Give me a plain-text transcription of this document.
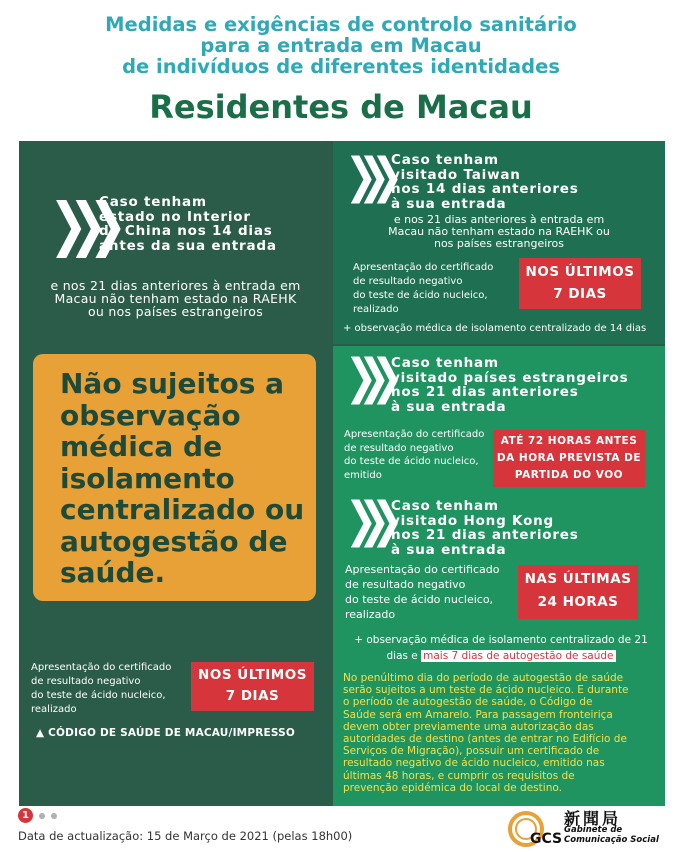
Medidas e exigências de controlo sanitário
para a entrada em Macau
de indivíduos de diferentes identidades
Residentes de Macau
❯❯❯
Caso tenham
estado no Interior
da China nos 14 dias
antes da sua entrada
e nos 21 dias anteriores à entrada em
Macau não tenham estado na RAEHK
ou nos países estrangeiros
Não sujeitos a
observação
médica de
isolamento
centralizado ou
autogestão de
saúde.
Apresentação do certificado
de resultado negativo
do teste de ácido nucleico,
realizado
NOS ÚLTIMOS
7 DIAS
▲ CÓDIGO DE SAÚDE DE MACAU/IMPRESSO
❯❯❯ Caso tenham
visitado Taiwan
nos 14 dias anteriores
à sua entrada
e nos 21 dias anteriores à entrada em
Macau não tenham estado na RAEHK ou
nos países estrangeiros
Apresentação do certificado
de resultado negativo
do teste de ácido nucleico,
realizado
NOS ÚLTIMOS
7 DIAS
+ observação médica de isolamento centralizado de 14 dias
❯❯❯ Caso tenham
visitado países estrangeiros
nos 21 dias anteriores
à sua entrada
Apresentação do certificado
de resultado negativo
do teste de ácido nucleico,
emitido
ATÉ 72 HORAS ANTES
DA HORA PREVISTA DE
PARTIDA DO VOO
❯❯❯ Caso tenham
visitado Hong Kong
nos 21 dias anteriores
à sua entrada
Apresentação do certificado
de resultado negativo
do teste de ácido nucleico,
realizado
NAS ÚLTIMAS
24 HORAS
+ observação médica de isolamento centralizado de 21
dias e mais 7 dias de autogestão de saúde
No penúltimo dia do período de autogestão de saúde
serão sujeitos a um teste de ácido nucleico. E durante
o período de autogestão de saúde, o Código de
Saúde será em Amarelo. Para passagem fronteiriça
devem obter previamente uma autorização das
autoridades de destino (antes de entrar no Edifício de
Serviços de Migração), possuir um certificado de
resultado negativo de ácido nucleico, emitido nas
últimas 48 horas, e cumprir os requisitos de
prevenção epidémica do local de destino.
1
Data de actualização: 15 de Março de 2021 (pelas 18h00)	GCS
新聞局
Gabinete de
Comunicação Social
